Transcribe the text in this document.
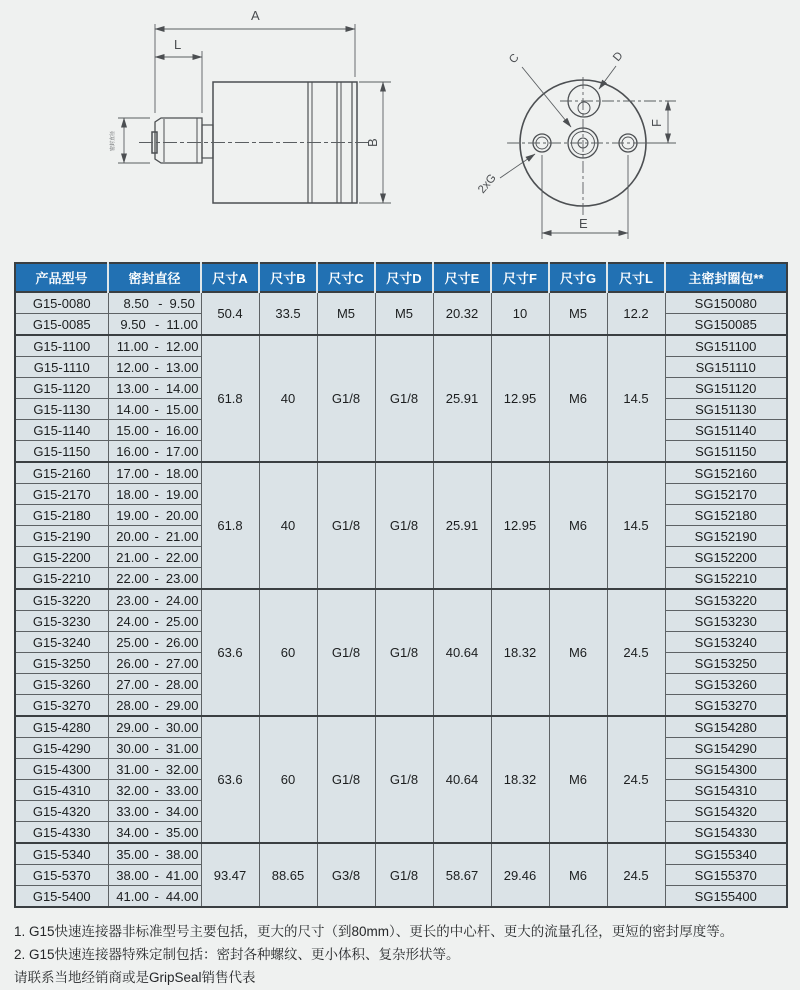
A
L
B
密封直径
E
F
C	D
2xG
产品型号	密封直径	尺寸A	尺寸B	尺寸C	尺寸D	尺寸E	尺寸F	尺寸G	尺寸L	主密封圈包**
G15-0080	8.50 - 9.50	50.4	33.5	M5	M5	20.32	10	M5	12.2	SG150080
G15-0085	9.50 - 11.00									SG150085
G15-1100	11.00 - 12.00	61.8	40	G1/8	G1/8	25.91	12.95	M6	14.5	SG151100
G15-1110	12.00 - 13.00									SG151110
G15-1120	13.00 - 14.00									SG151120
G15-1130	14.00 - 15.00									SG151130
G15-1140	15.00 - 16.00									SG151140
G15-1150	16.00 - 17.00									SG151150
G15-2160	17.00 - 18.00	61.8	40	G1/8	G1/8	25.91	12.95	M6	14.5	SG152160
G15-2170	18.00 - 19.00									SG152170
G15-2180	19.00 - 20.00									SG152180
G15-2190	20.00 - 21.00									SG152190
G15-2200	21.00 - 22.00									SG152200
G15-2210	22.00 - 23.00									SG152210
G15-3220	23.00 - 24.00	63.6	60	G1/8	G1/8	40.64	18.32	M6	24.5	SG153220
G15-3230	24.00 - 25.00									SG153230
G15-3240	25.00 - 26.00									SG153240
G15-3250	26.00 - 27.00									SG153250
G15-3260	27.00 - 28.00									SG153260
G15-3270	28.00 - 29.00									SG153270
G15-4280	29.00 - 30.00	63.6	60	G1/8	G1/8	40.64	18.32	M6	24.5	SG154280
G15-4290	30.00 - 31.00									SG154290
G15-4300	31.00 - 32.00									SG154300
G15-4310	32.00 - 33.00									SG154310
G15-4320	33.00 - 34.00									SG154320
G15-4330	34.00 - 35.00									SG154330
G15-5340	35.00 - 38.00	93.47	88.65	G3/8	G1/8	58.67	29.46	M6	24.5	SG155340
G15-5370	38.00 - 41.00									SG155370
G15-5400	41.00 - 44.00									SG155400
1. G15快速连接器非标准型号主要包括，更大的尺寸（到80mm）、更长的中心杆、更大的流量孔径，更短的密封厚度等。
2. G15快速连接器特殊定制包括：密封各种螺纹、更小体积、复杂形状等。
请联系当地经销商或是GripSeal销售代表
